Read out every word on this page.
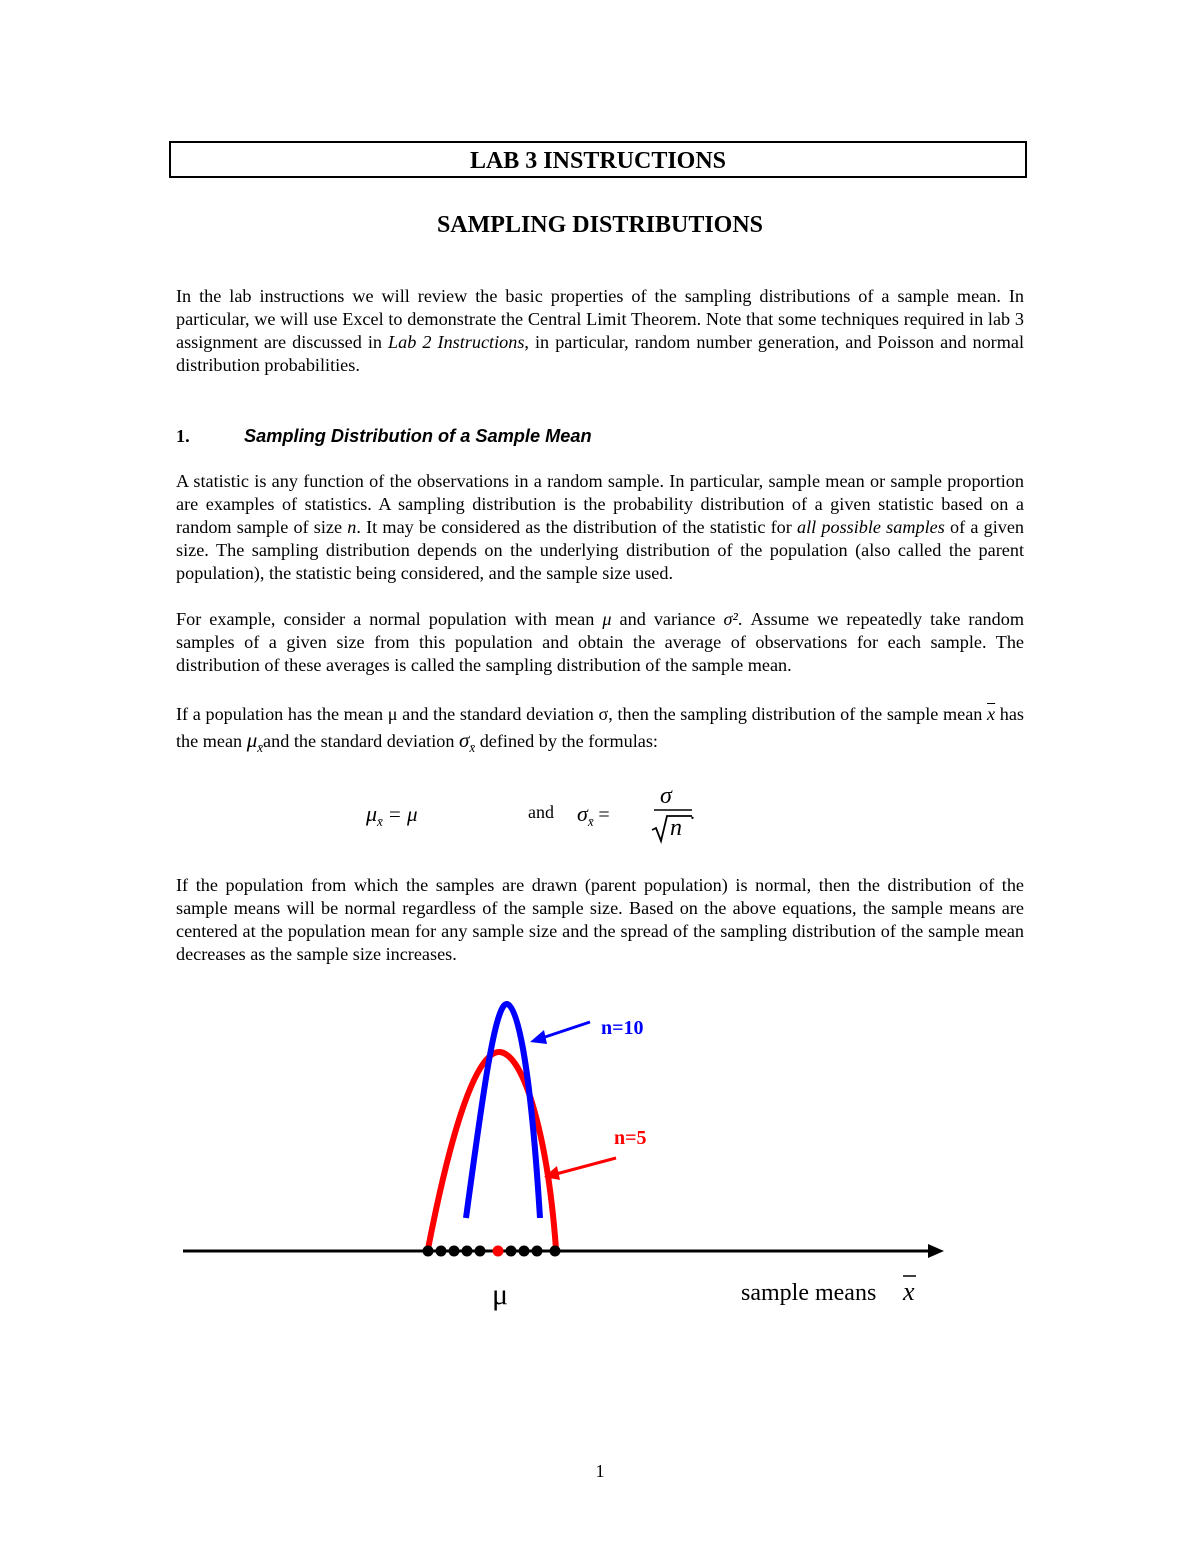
LAB 3 INSTRUCTIONS
SAMPLING DISTRIBUTIONS

In the lab instructions we will review the basic properties of the sampling distributions of a sample mean. In particular, we will use Excel to demonstrate the Central Limit Theorem. Note that some techniques required in lab 3 assignment are discussed in Lab 2 Instructions, in particular, random number generation, and Poisson and normal distribution probabilities.

1.	Sampling Distribution of a Sample Mean

A statistic is any function of the observations in a random sample. In particular, sample mean or sample proportion are examples of statistics. A sampling distribution is the probability distribution of a given statistic based on a random sample of size n. It may be considered as the distribution of the statistic for all possible samples of a given size. The sampling distribution depends on the underlying distribution of the population (also called the parent population), the statistic being considered, and the sample size used.

For example, consider a normal population with mean μ and variance σ². Assume we repeatedly take random samples of a given size from this population and obtain the average of observations for each sample. The distribution of these averages is called the sampling distribution of the sample mean.

If a population has the mean μ and the standard deviation σ, then the sampling distribution of the sample mean $\overline{x}$ has the mean $\mu_{x̄}and$ the standard deviation $\sigma_{x̄}$ defined by the formulas:

$\mu_{x̄} = \mu$	and $\sigma_{x̄}$ =
σ
n
.

If the population from which the samples are drawn (parent population) is normal, then the distribution of the sample means will be normal regardless of the sample size. Based on the above equations, the sample means are centered at the population mean for any sample size and the spread of the sampling distribution of the sample mean decreases as the sample size increases.

n=10
n=5
μ	sample means x
1
